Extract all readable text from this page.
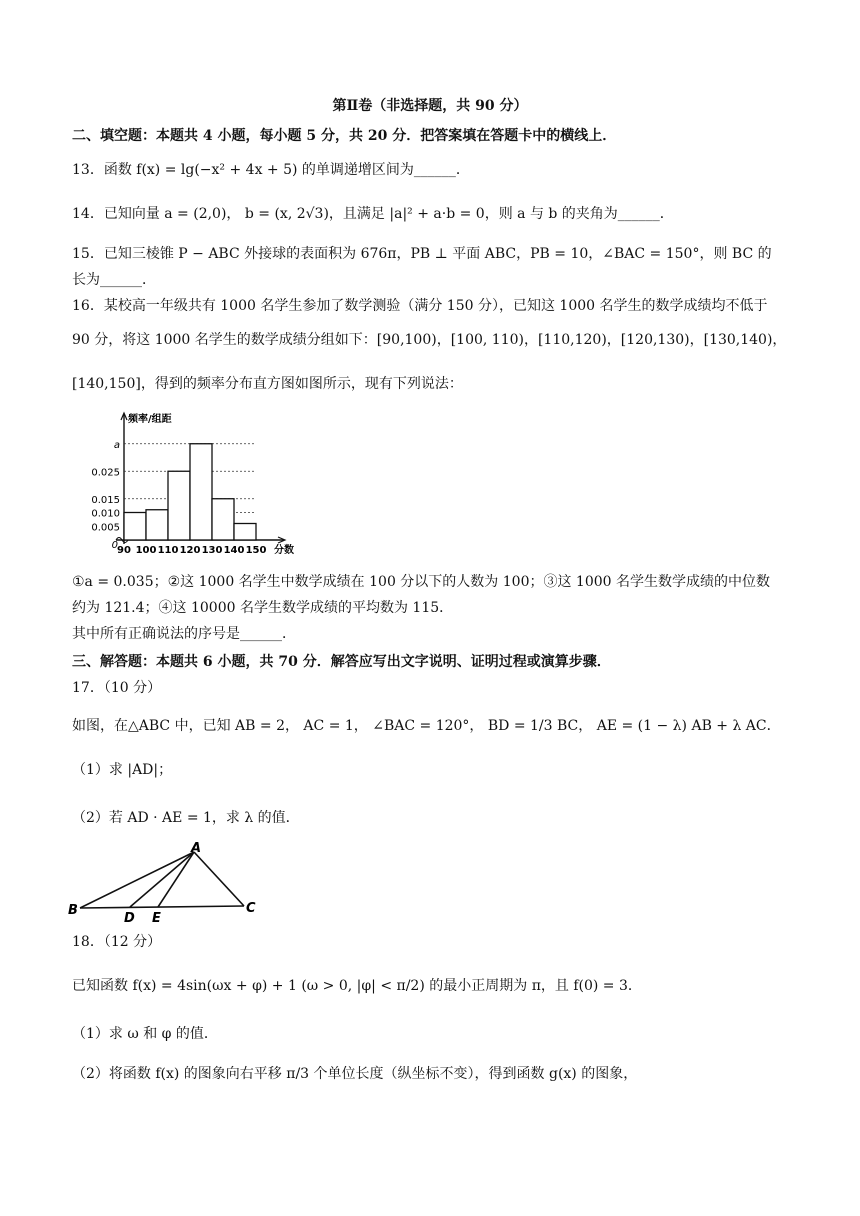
第Ⅱ卷（非选择题，共 90 分）
二、填空题：本题共 4 小题，每小题 5 分，共 20 分．把答案填在答题卡中的横线上．
13．函数 f(x) = lg(−x² + 4x + 5) 的单调递增区间为______．
14．已知向量 a = (2,0)， b = (x, 2√3)，且满足 |a|² + a·b = 0，则 a 与 b 的夹角为______．
15．已知三棱锥 P − ABC 外接球的表面积为 676π，PB ⊥ 平面 ABC，PB = 10，∠BAC = 150°，则 BC 的
长为______．
16．某校高一年级共有 1000 名学生参加了数学测验（满分 150 分），已知这 1000 名学生的数学成绩均不低于
90 分，将这 1000 名学生的数学成绩分组如下：[90,100)，[100, 110)，[110,120)，[120,130)，[130,140)，
[140,150]，得到的频率分布直方图如图所示，现有下列说法：
a
0.025
0.015
0.010
0.005
0 90 100 110 120 130 140 150 分数
频率/组距
①a = 0.035；②这 1000 名学生中数学成绩在 100 分以下的人数为 100；③这 1000 名学生数学成绩的中位数
约为 121.4；④这 10000 名学生数学成绩的平均数为 115．
其中所有正确说法的序号是______．
三、解答题：本题共 6 小题，共 70 分．解答应写出文字说明、证明过程或演算步骤．
17．（10 分）
如图，在△ABC 中，已知 AB = 2， AC = 1， ∠BAC = 120°， BD = 1/3 BC， AE = (1 − λ) AB + λ AC．
（1）求 |AD|；
（2）若 AD · AE = 1，求 λ 的值．
A
B
D E
C
18．（12 分）
已知函数 f(x) = 4sin(ωx + φ) + 1 (ω > 0, |φ| < π/2) 的最小正周期为 π，且 f(0) = 3．
（1）求 ω 和 φ 的值．
（2）将函数 f(x) 的图象向右平移 π/3 个单位长度（纵坐标不变），得到函数 g(x) 的图象，
